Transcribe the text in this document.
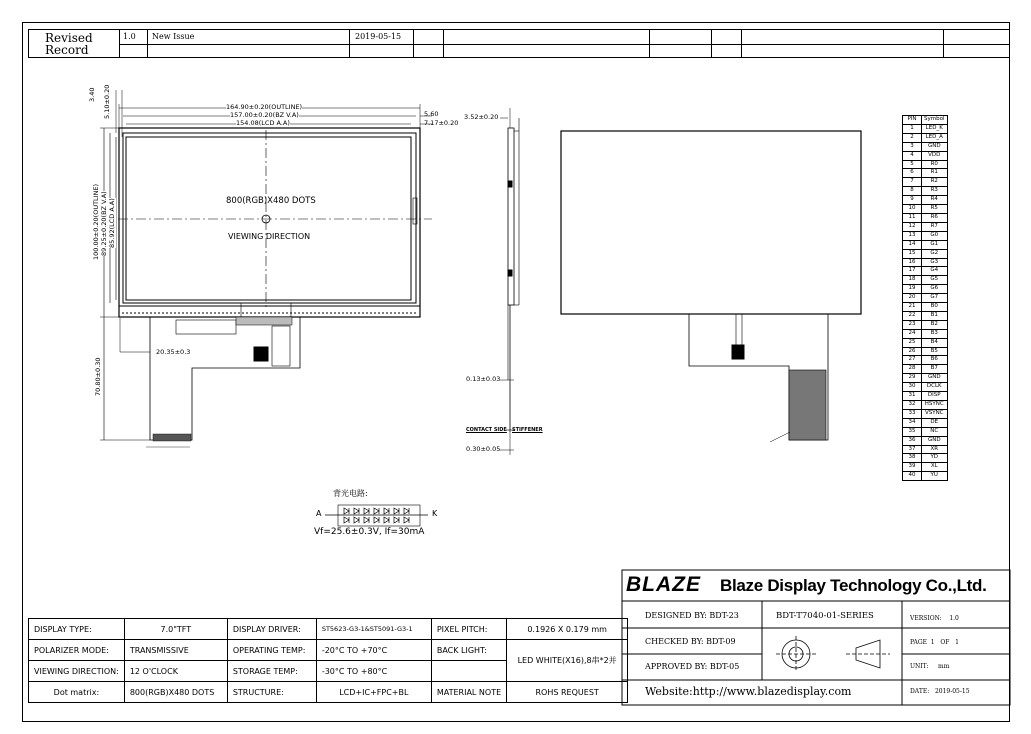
Revised
Record
1.0 New Issue	2019-05-15
800(RGB)X480 DOTS
VIEWING DIRECTION
164.90±0.20(OUTLINE)
157.00±0.20(BZ V.A)
154.08(LCD A.A)
5.60
7.17±0.20
3.40 5.10±0.20
100.00±0.20(OUTLINE) 89.25±0.20(BZ V.A) 85.92(LCD A.A)
20.35±0.3
70.80±0.30
3.52±0.20
0.13±0.03
CONTACT SIDE STIFFENER
0.30±0.05
背光电路:
A	K
Vf=25.6±0.3V, If=30mA
PIN	Symbol
1	LED_K
2	LED_A
3	GND
4	VDD
5	R0
6	R1
7	R2
8	R3
9	R4
10	R5
11	R6
12	R7
13	G0
14	G1
15	G2
16	G3
17	G4
18	G5
19	G6
20	G7
21	B0
22	B1
23	B2
24	B3
25	B4
26	B5
27	B6
28	B7
29	GND
30	DCLK
31	DISP
32	HSYNC
33	VSYNC
34	DE
35	NC
36	GND
37	XR
38	YD
39	XL
40	YU
DISPLAY TYPE:	7.0"TFT	DISPLAY DRIVER:	ST5623-G3-1&ST5091-G3-1	PIXEL PITCH:	0.1926 X 0.179 mm
POLARIZER MODE:	TRANSMISSIVE	OPERATING TEMP:	-20°C TO +70°C	BACK LIGHT:	LED WHITE(X16),8串*2并
VIEWING DIRECTION:	12 O'CLOCK	STORAGE TEMP:	-30°C TO +80°C		
Dot matrix:	800(RGB)X480 DOTS	STRUCTURE:	LCD+IC+FPC+BL	MATERIAL NOTE	ROHS REQUEST
BLAZE Blaze Display Technology Co.,Ltd.
DESIGNED BY: BDT-23
CHECKED BY: BDT-09
APPROVED BY: BDT-05
BDT-T7040-01-SERIES	VERSION:    1.0
PAGE  1   OF   1
UNIT:     mm
DATE:   2019-05-15
Website:http://www.blazedisplay.com
